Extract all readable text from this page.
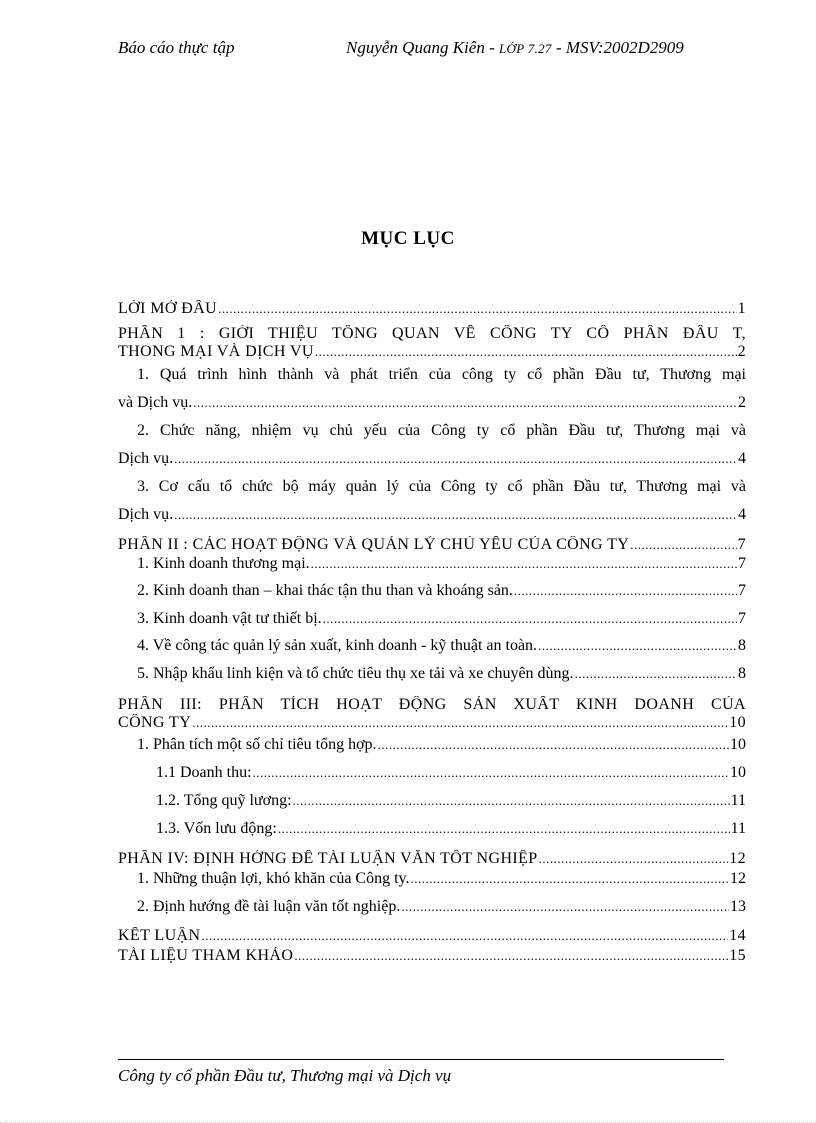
Báo cáo thực tập	Nguyễn Quang Kiên - LỚP 7.27 - MSV:2002D2909
MỤC LỤC
LỜI MỞ ĐẦU .....	1
PHẦN 1 : GIỚI THIỆU TỔNG QUAN VỀ CÔNG TY CỔ PHẦN ĐẦU T,
THONG MẠI VÀ DỊCH VỤ .....	2
1. Quá trình hình thành và phát triển của công ty cổ phần Đầu tư, Thương mại
và Dịch vụ. .....	2
2. Chức năng, nhiệm vụ chủ yếu của Công ty cổ phần Đầu tư, Thương mại và
Dịch vụ. .....	4
3. Cơ cấu tổ chức bộ máy quản lý của Công ty cổ phần Đầu tư, Thương mại và
Dịch vụ. .....	4
PHẦN II : CÁC HOẠT ĐỘNG VÀ QUẢN LÝ CHỦ YẾU CỦA CÔNG TY .....	7
1. Kinh doanh thương mại. .....	7
2. Kinh doanh than – khai thác tận thu than và khoáng sản. .....	7
3. Kinh doanh vật tư thiết bị. .....	7
4. Về công tác quản lý sản xuất, kinh doanh - kỹ thuật an toàn. .....	8
5. Nhập khẩu linh kiện và tổ chức tiêu thụ xe tải và xe chuyên dùng. .....	8
PHẦN III: PHÂN TÍCH HOẠT ĐỘNG SẢN XUẤT KINH DOANH CỦA
CÔNG TY .....	10
1. Phân tích một số chỉ tiêu tổng hợp. .....	10
1.1 Doanh thu: .....	10
1.2. Tổng quỹ lương: .....	11
1.3. Vốn lưu động: .....	11
PHẦN IV: ĐỊNH HỚNG ĐỀ TÀI LUẬN VĂN TỐT NGHIỆP .....	12
1. Những thuận lợi, khó khăn của Công ty. .....	12
2. Định hướng đề tài luận văn tốt nghiệp. .....	13
KẾT LUẬN .....	14
TÀI LIỆU THAM KHẢO .....	15
Công ty cổ phần Đầu tư, Thương mại và Dịch vụ
